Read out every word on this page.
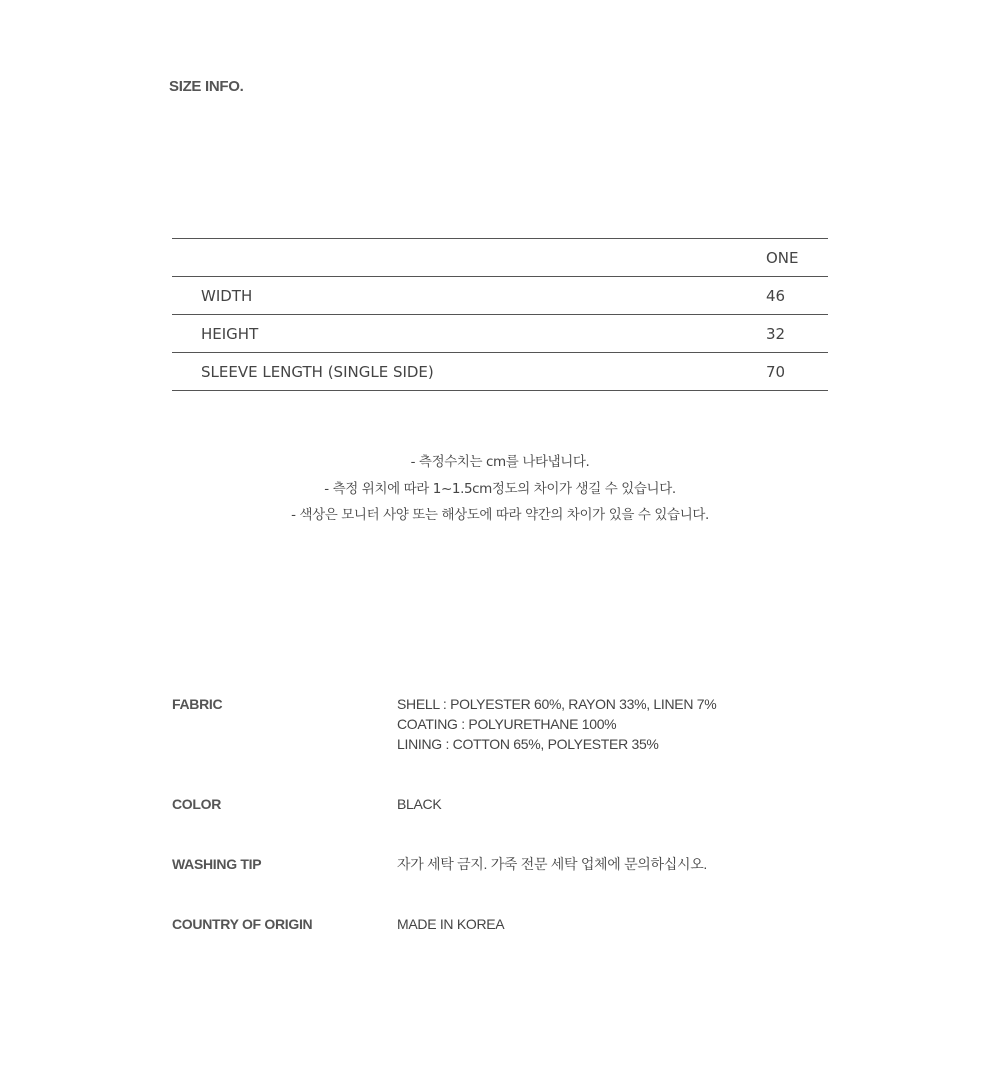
SIZE INFO.
	ONE
WIDTH	46
HEIGHT	32
SLEEVE LENGTH (SINGLE SIDE)	70
- 측정수치는 cm를 나타냅니다.
- 측정 위치에 따라 1~1.5cm정도의 차이가 생길 수 있습니다.
- 색상은 모니터 사양 또는 해상도에 따라 약간의 차이가 있을 수 있습니다.
FABRIC	SHELL : POLYESTER 60%, RAYON 33%, LINEN 7%
COATING : POLYURETHANE 100%
LINING : COTTON 65%, POLYESTER 35%
COLOR	BLACK
WASHING TIP	자가 세탁 금지. 가죽 전문 세탁 업체에 문의하십시오.
COUNTRY OF ORIGIN	MADE IN KOREA
